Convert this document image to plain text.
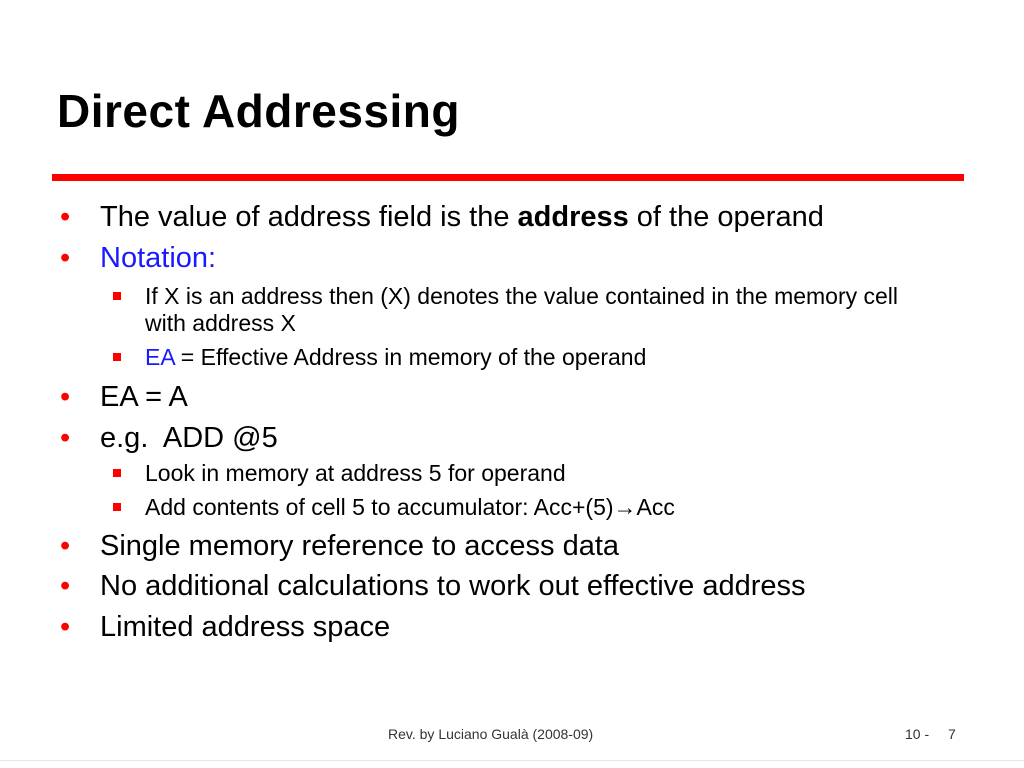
Direct Addressing
• The value of address field is the address of the operand
• Notation:
If X is an address then (X) denotes the value contained in the memory cell with address X
EA = Effective Address in memory of the operand
• EA = A
• e.g.  ADD @5
Look in memory at address 5 for operand
Add contents of cell 5 to accumulator: Acc+(5)→Acc
• Single memory reference to access data
• No additional calculations to work out effective address
• Limited address space
Rev. by Luciano Gualà (2008-09)	10 - 7
